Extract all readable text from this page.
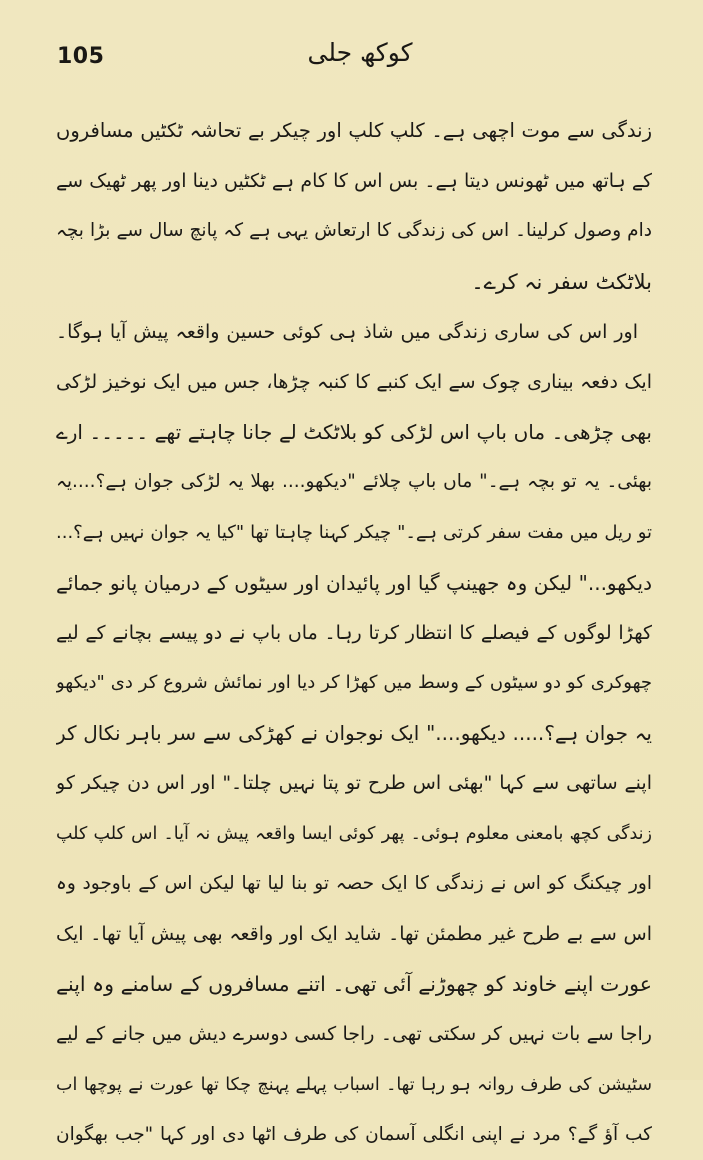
105	کوکھ جلی
زندگی سے موت اچھی ہے۔ کلپ کلپ اور چیکر بے تحاشہ ٹکٹیں مسافروں
کے ہاتھ میں ٹھونس دیتا ہے۔ بس اس کا کام ہے ٹکٹیں دینا اور پھر ٹھیک سے
دام وصول کرلینا۔ اس کی زندگی کا ارتعاش یہی ہے کہ پانچ سال سے بڑا بچہ
بلاٹکٹ سفر نہ کرے۔
اور اس کی ساری زندگی میں شاذ ہی کوئی حسین واقعہ پیش آیا ہوگا۔
ایک دفعہ بیناری چوک سے ایک کنبے کا کنبہ چڑھا، جس میں ایک نوخیز لڑکی
بھی چڑھی۔ ماں باپ اس لڑکی کو بلاٹکٹ لے جانا چاہتے تھے ۔۔۔۔۔ ارے
بھئی۔ یہ تو بچہ ہے۔" ماں باپ چلائے "دیکھو.... بھلا یہ لڑکی جوان ہے؟....یہ
تو ریل میں مفت سفر کرتی ہے۔" چیکر کہنا چاہتا تھا "کیا یہ جوان نہیں ہے؟...
دیکھو..." لیکن وہ جھینپ گیا اور پائیدان اور سیٹوں کے درمیان پانو جمائے
کھڑا لوگوں کے فیصلے کا انتظار کرتا رہا۔ ماں باپ نے دو پیسے بچانے کے لیے
چھوکری کو دو سیٹوں کے وسط میں کھڑا کر دیا اور نمائش شروع کر دی "دیکھو
یہ جوان ہے؟..... دیکھو...." ایک نوجوان نے کھڑکی سے سر باہر نکال کر
اپنے ساتھی سے کہا "بھئی اس طرح تو پتا نہیں چلتا۔" اور اس دن چیکر کو
زندگی کچھ بامعنی معلوم ہوئی۔ پھر کوئی ایسا واقعہ پیش نہ آیا۔ اس کلپ کلپ
اور چیکنگ کو اس نے زندگی کا ایک حصہ تو بنا لیا تھا لیکن اس کے باوجود وہ
اس سے بے طرح غیر مطمئن تھا۔ شاید ایک اور واقعہ بھی پیش آیا تھا۔ ایک
عورت اپنے خاوند کو چھوڑنے آئی تھی۔ اتنے مسافروں کے سامنے وہ اپنے
راجا سے بات نہیں کر سکتی تھی۔ راجا کسی دوسرے دیش میں جانے کے لیے
سٹیشن کی طرف روانہ ہو رہا تھا۔ اسباب پہلے پہنچ چکا تھا عورت نے پوچھا اب
کب آؤ گے؟ مرد نے اپنی انگلی آسمان کی طرف اٹھا دی اور کہا "جب بھگوان
